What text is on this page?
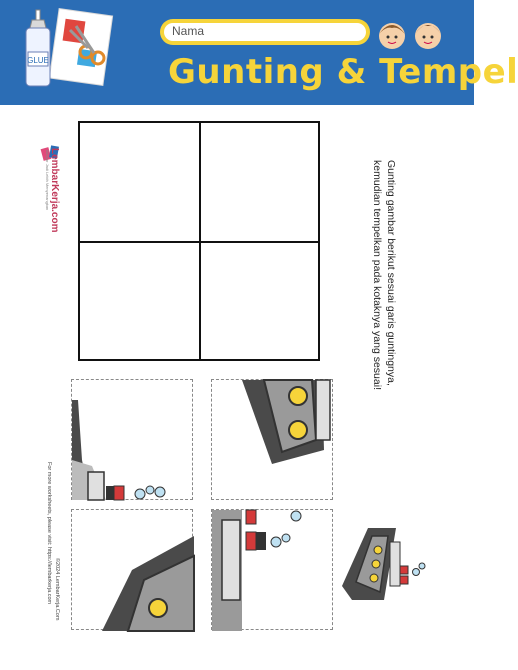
GLUE
Nama
Gunting & Tempel
LembarKerja.com
Belajar Jadi Lebih Menyenangkan	Gunting gambar berikut sesuai garis guntingnya,
kemudian tempelkan pada kotaknya yang sesuai!
For more worksheets, please visit: https://lembarkerja.com ©2024 LembarKerja.Com
